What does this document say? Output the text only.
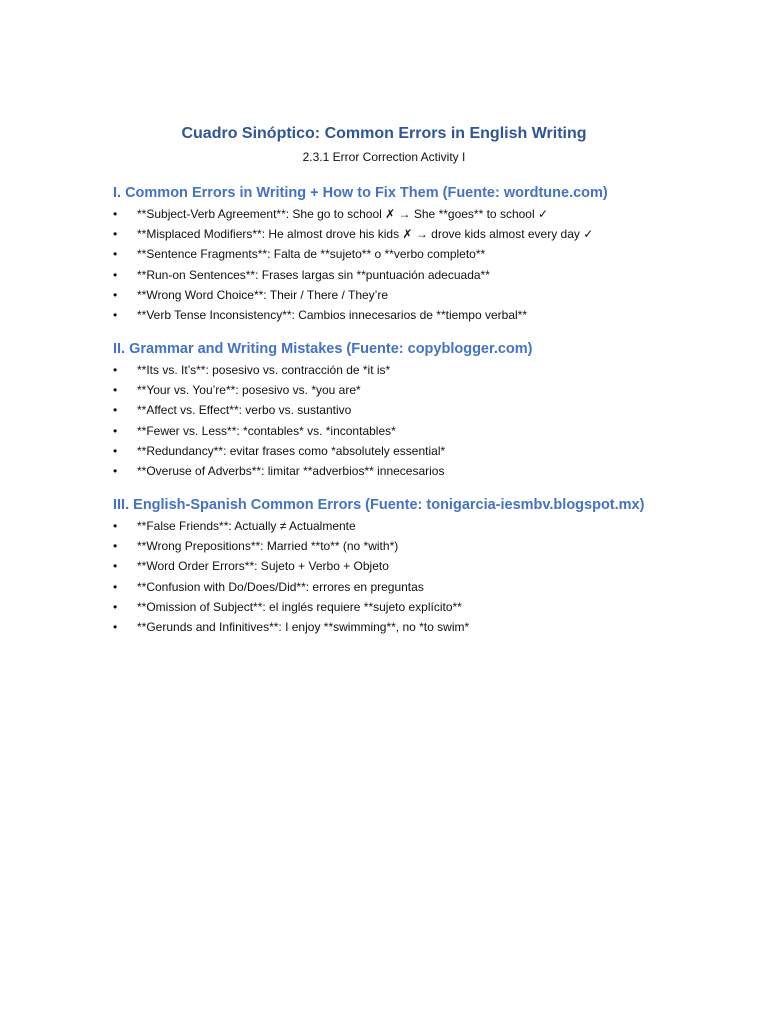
Cuadro Sinóptico: Common Errors in English Writing
2.3.1 Error Correction Activity I
I. Common Errors in Writing + How to Fix Them (Fuente: wordtune.com)
• **Subject-Verb Agreement**: She go to school ✗ → She **goes** to school ✓
• **Misplaced Modifiers**: He almost drove his kids ✗ → drove kids almost every day ✓
• **Sentence Fragments**: Falta de **sujeto** o **verbo completo**
• **Run-on Sentences**: Frases largas sin **puntuación adecuada**
• **Wrong Word Choice**: Their / There / They’re
• **Verb Tense Inconsistency**: Cambios innecesarios de **tiempo verbal**
II. Grammar and Writing Mistakes (Fuente: copyblogger.com)
• **Its vs. It’s**: posesivo vs. contracción de *it is*
• **Your vs. You’re**: posesivo vs. *you are*
• **Affect vs. Effect**: verbo vs. sustantivo
• **Fewer vs. Less**: *contables* vs. *incontables*
• **Redundancy**: evitar frases como *absolutely essential*
• **Overuse of Adverbs**: limitar **adverbios** innecesarios
III. English-Spanish Common Errors (Fuente: tonigarcia-iesmbv.blogspot.mx)
• **False Friends**: Actually ≠ Actualmente
• **Wrong Prepositions**: Married **to** (no *with*)
• **Word Order Errors**: Sujeto + Verbo + Objeto
• **Confusion with Do/Does/Did**: errores en preguntas
• **Omission of Subject**: el inglés requiere **sujeto explícito**
• **Gerunds and Infinitives**: I enjoy **swimming**, no *to swim*
